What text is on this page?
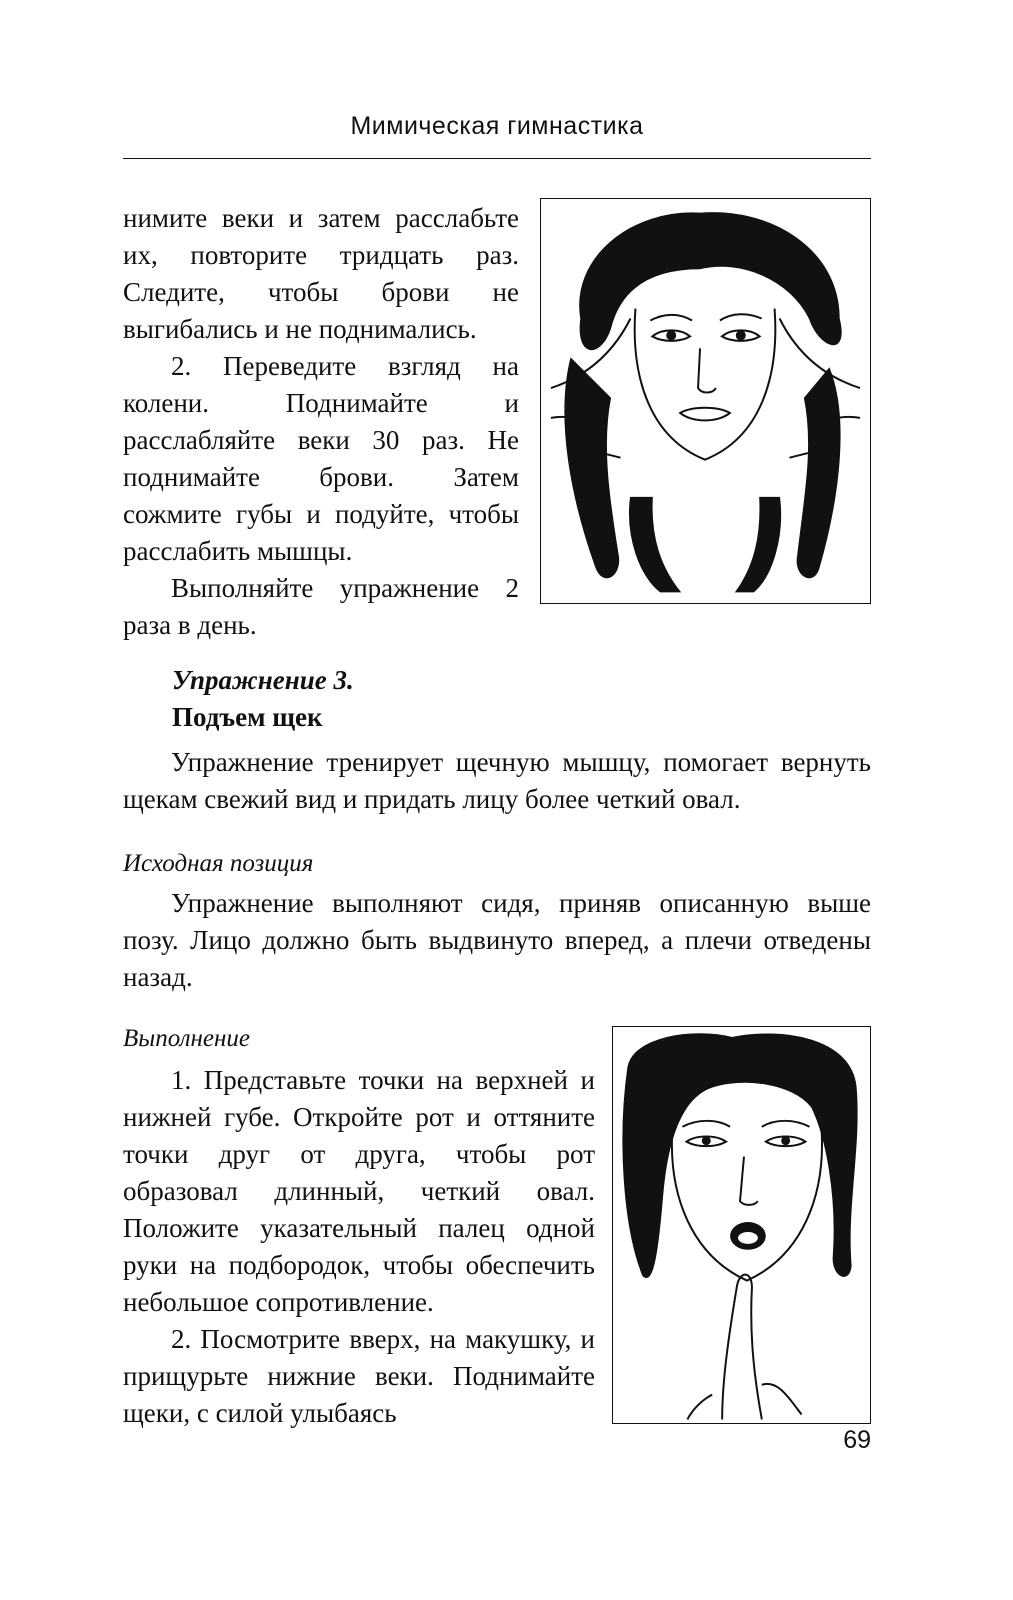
Мимическая гимнастика

нимите веки и затем расслабьте их, повторите тридцать раз. Следите, чтобы брови не выгибались и не поднимались.

2. Переведите взгляд на колени. Поднимайте и расслабляйте веки 30 раз. Не поднимайте брови. Затем сожмите губы и подуйте, чтобы расслабить мышцы.

Выполняйте упражнение 2 раза в день.

Упражнение 3.
Подъем щек

Упражнение тренирует щечную мышцу, помогает вернуть щекам свежий вид и придать лицу более четкий овал.

Исходная позиция

Упражнение выполняют сидя, приняв описанную выше позу. Лицо должно быть выдвинуто вперед, а плечи отведены назад.

Выполнение

1. Представьте точки на верхней и нижней губе. Откройте рот и оттяните точки друг от друга, чтобы рот образовал длинный, четкий овал. Положите указательный палец одной руки на подбородок, чтобы обеспечить небольшое сопротивление.

2. Посмотрите вверх, на макушку, и прищурьте нижние веки. Поднимайте щеки, с силой улыбаясь

69
